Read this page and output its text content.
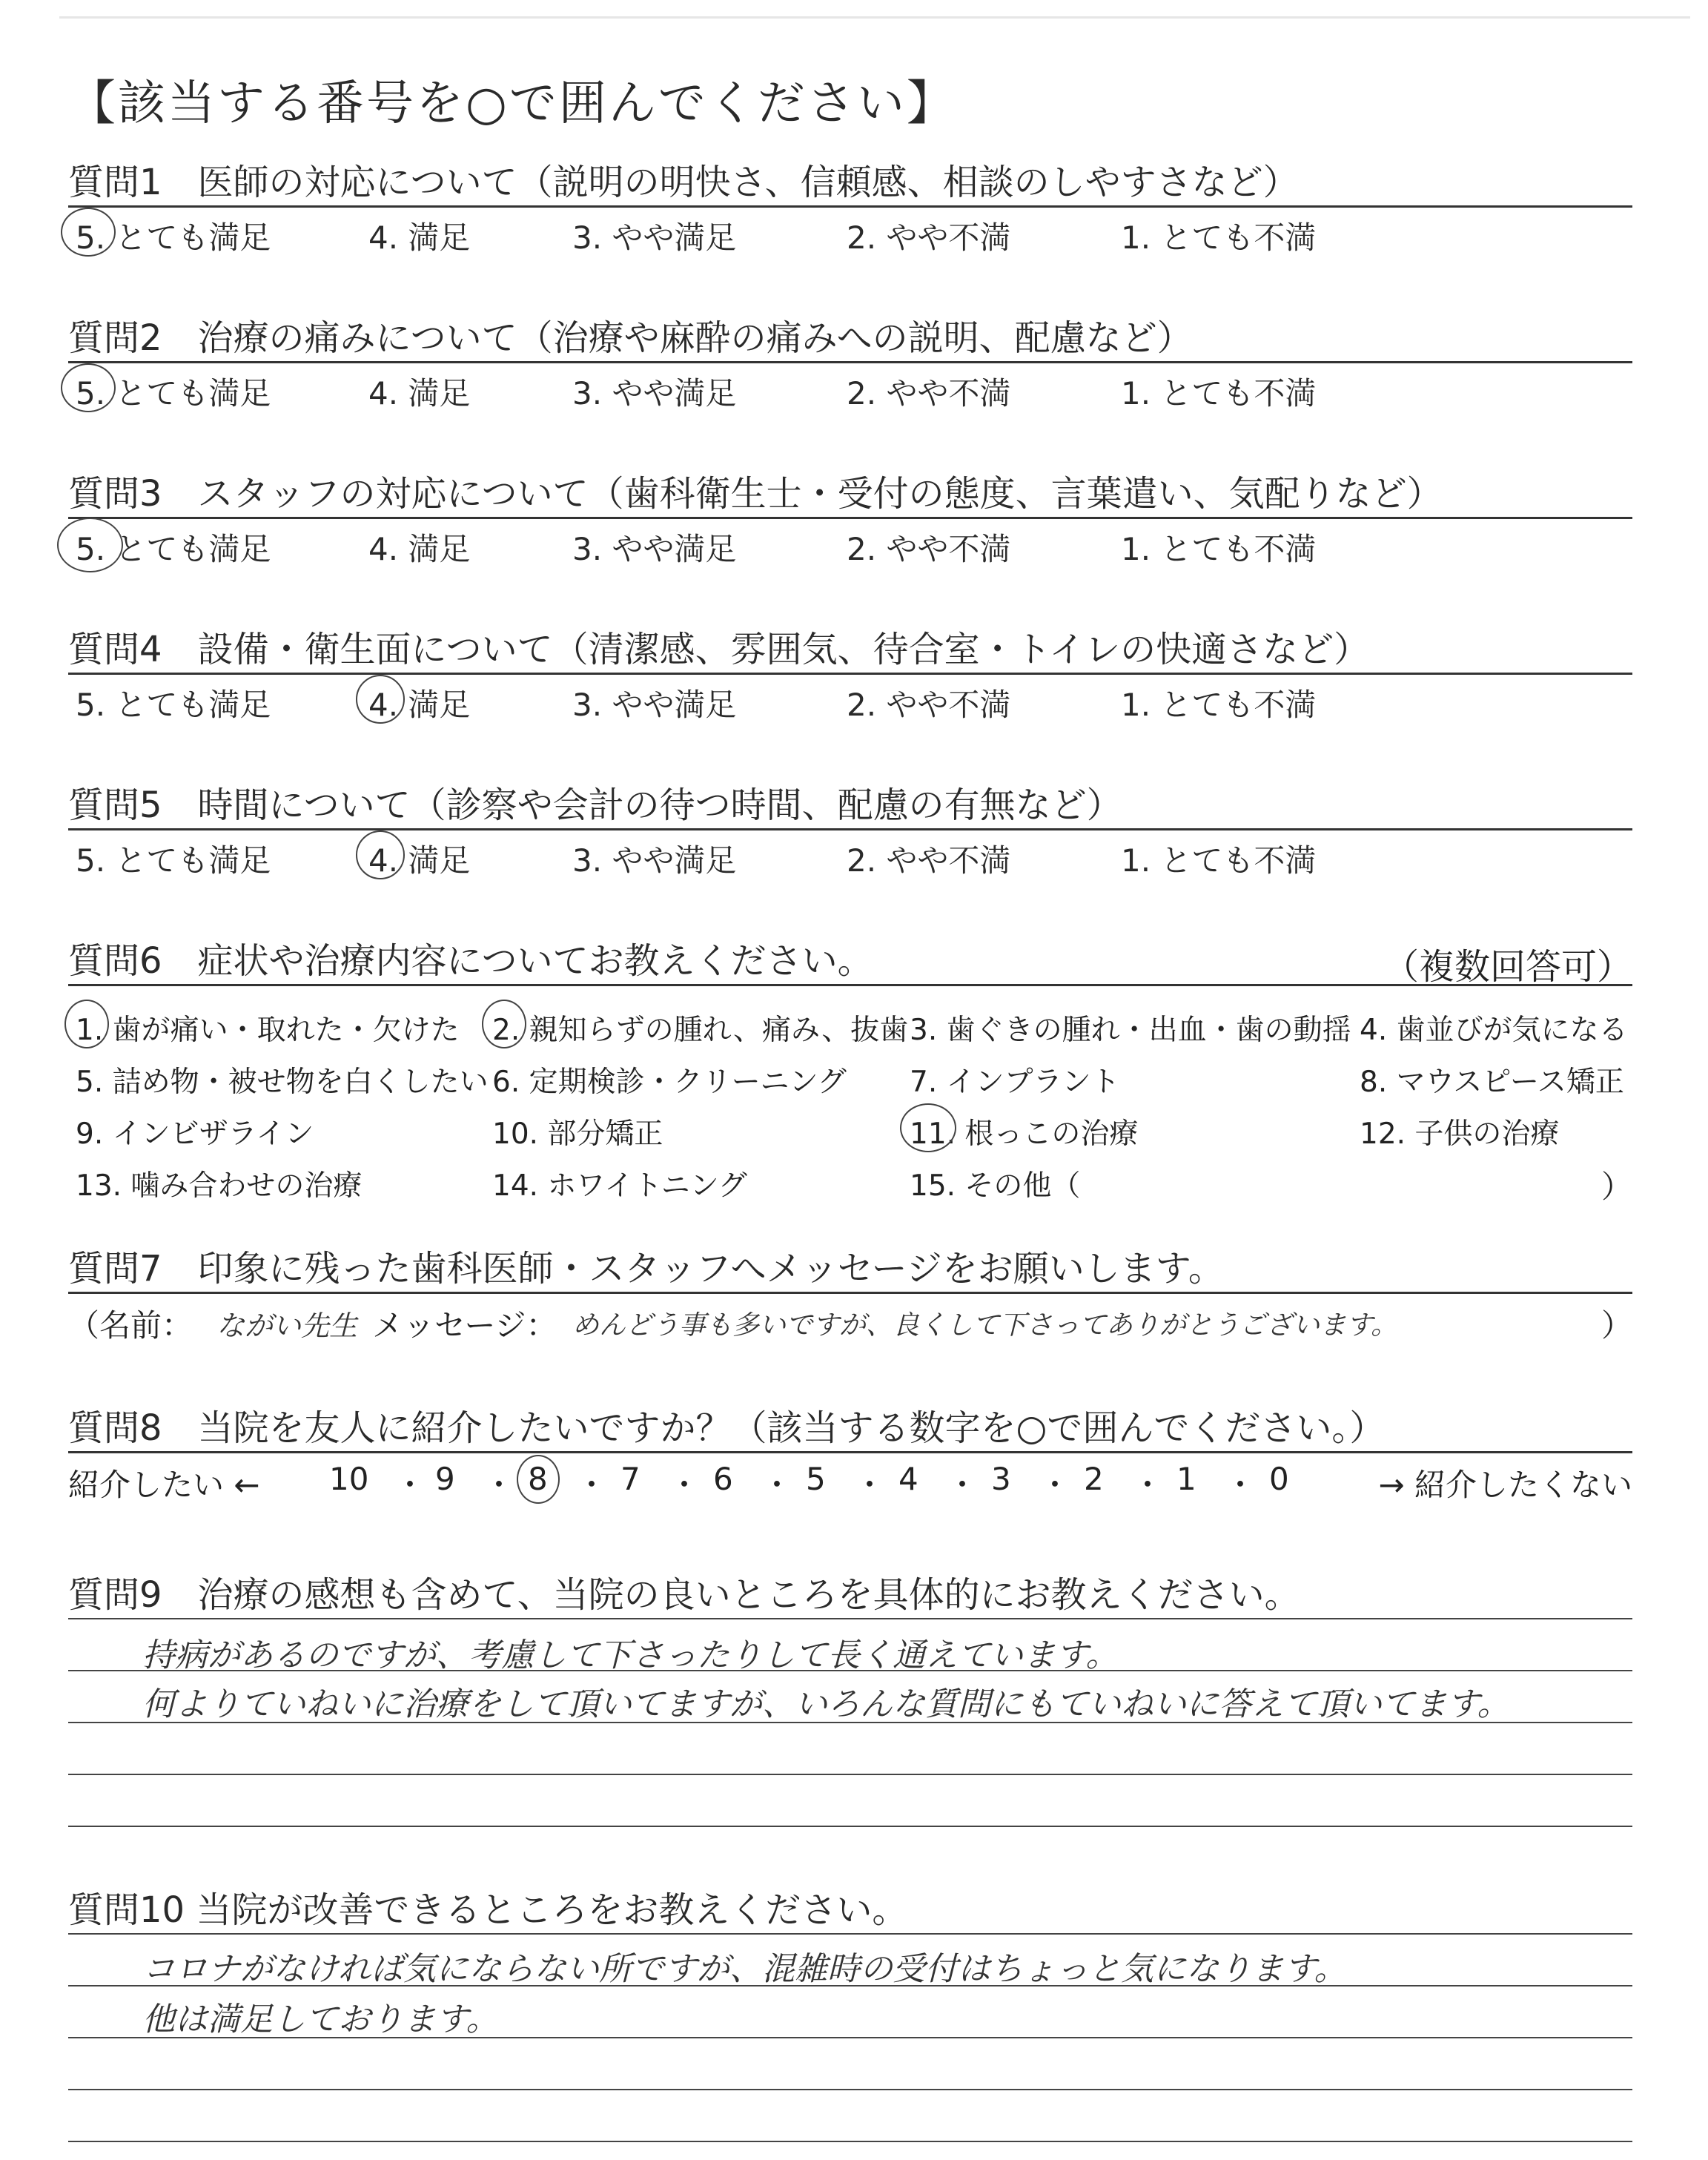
【該当する番号を○で囲んでください】
質問1　医師の対応について（説明の明快さ、信頼感、相談のしやすさなど）
5. とても満足	4. 満足	3. やや満足	2. やや不満	1. とても不満
質問2　治療の痛みについて（治療や麻酔の痛みへの説明、配慮など）
5. とても満足	4. 満足	3. やや満足	2. やや不満	1. とても不満
質問3　スタッフの対応について（歯科衛生士・受付の態度、言葉遣い、気配りなど）
5. とても満足	4. 満足	3. やや満足	2. やや不満	1. とても不満
質問4　設備・衛生面について（清潔感、雰囲気、待合室・トイレの快適さなど）
5. とても満足	4. 満足	3. やや満足	2. やや不満	1. とても不満
質問5　時間について（診察や会計の待つ時間、配慮の有無など）
5. とても満足	4. 満足	3. やや満足	2. やや不満	1. とても不満
質問6　症状や治療内容についてお教えください。	（複数回答可）
1. 歯が痛い・取れた・欠けた 2. 親知らずの腫れ、痛み、抜歯 3. 歯ぐきの腫れ・出血・歯の動揺 4. 歯並びが気になる
5. 詰め物・被せ物を白くしたい 6. 定期検診・クリーニング 7. インプラント	8. マウスピース矯正
9. インビザライン	10. 部分矯正	11. 根っこの治療	12. 子供の治療
13. 噛み合わせの治療	14. ホワイトニング	15. その他（	）
質問7　印象に残った歯科医師・スタッフへメッセージをお願いします。
（名前： ながい先生 メッセージ： めんどう事も多いですが、良くして下さってありがとうございます。	）
質問8　当院を友人に紹介したいですか？（該当する数字を○で囲んでください。）
紹介したい ← 10 ・ 9 ・ 8 ・ 7 ・ 6 ・ 5 ・ 4 ・ 3 ・ 2 ・ 1 ・ 0	→ 紹介したくない
質問9　治療の感想も含めて、当院の良いところを具体的にお教えください。
持病があるのですが、考慮して下さったりして長く通えています。
何よりていねいに治療をして頂いてますが、いろんな質問にもていねいに答えて頂いてます。
質問10 当院が改善できるところをお教えください。
コロナがなければ気にならない所ですが、混雑時の受付はちょっと気になります。
他は満足しております。
